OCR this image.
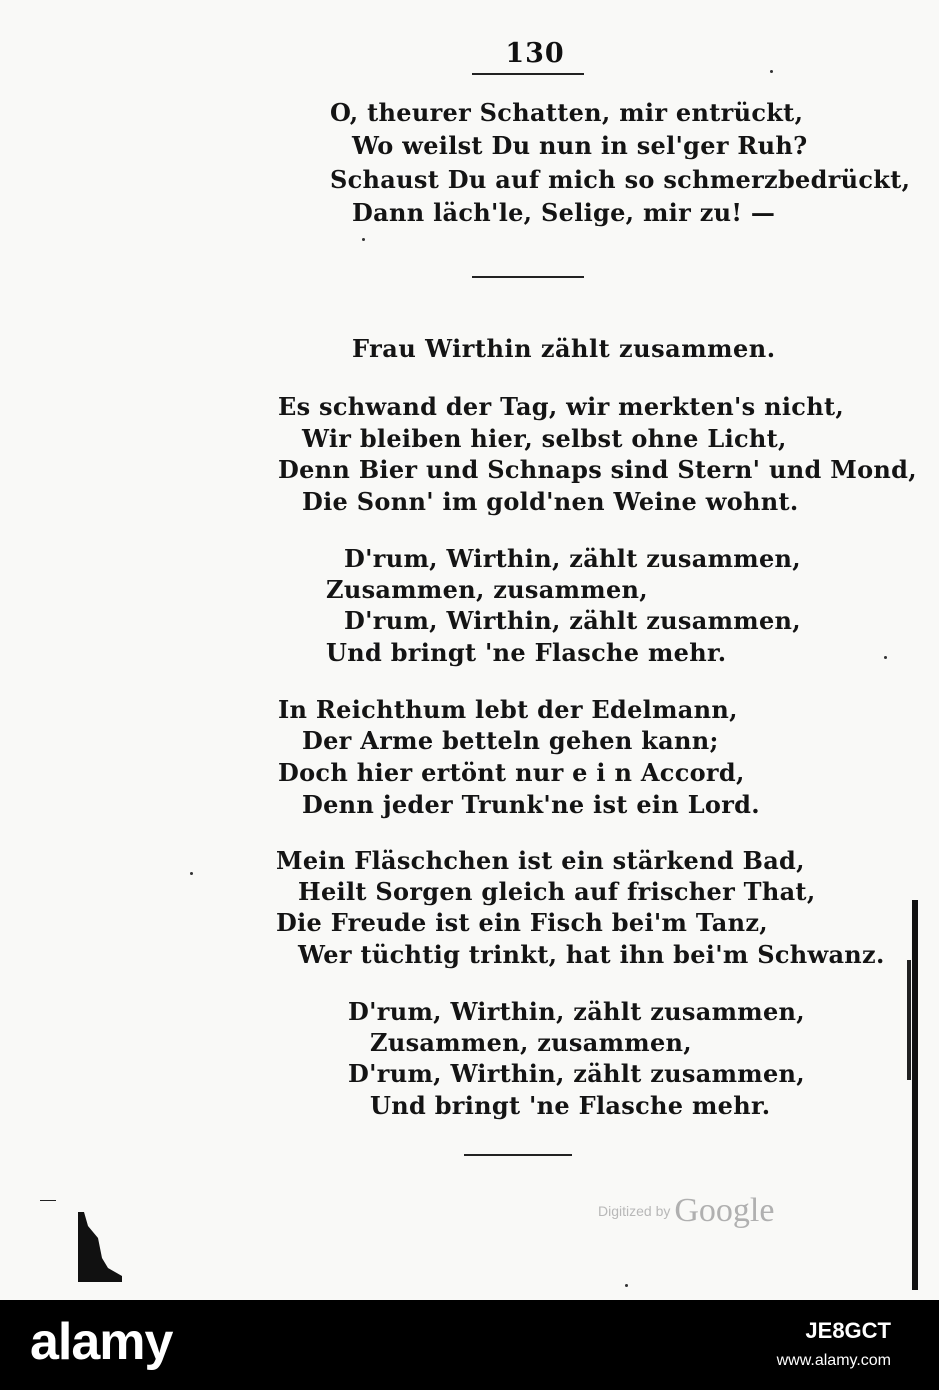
130
O, theurer Schatten, mir entrückt,
Wo weilst Du nun in sel'ger Ruh?
Schaust Du auf mich so schmerzbedrückt,
Dann läch'le, Selige, mir zu! —
Frau Wirthin zählt zusammen.
Es schwand der Tag, wir merkten's nicht,
Wir bleiben hier, selbst ohne Licht,
Denn Bier und Schnaps sind Stern' und Mond,
Die Sonn' im gold'nen Weine wohnt.
D'rum, Wirthin, zählt zusammen,
Zusammen, zusammen,
D'rum, Wirthin, zählt zusammen,
Und bringt 'ne Flasche mehr.
In Reichthum lebt der Edelmann,
Der Arme betteln gehen kann;
Doch hier ertönt nur e i n Accord,
Denn jeder Trunk'ne ist ein Lord.
Mein Fläschchen ist ein stärkend Bad,
Heilt Sorgen gleich auf frischer That,
Die Freude ist ein Fisch bei'm Tanz,
Wer tüchtig trinkt, hat ihn bei'm Schwanz.
D'rum, Wirthin, zählt zusammen,
Zusammen, zusammen,
D'rum, Wirthin, zählt zusammen,
Und bringt 'ne Flasche mehr.
Digitized by Google
alamy	JE8GCT
www.alamy.com
